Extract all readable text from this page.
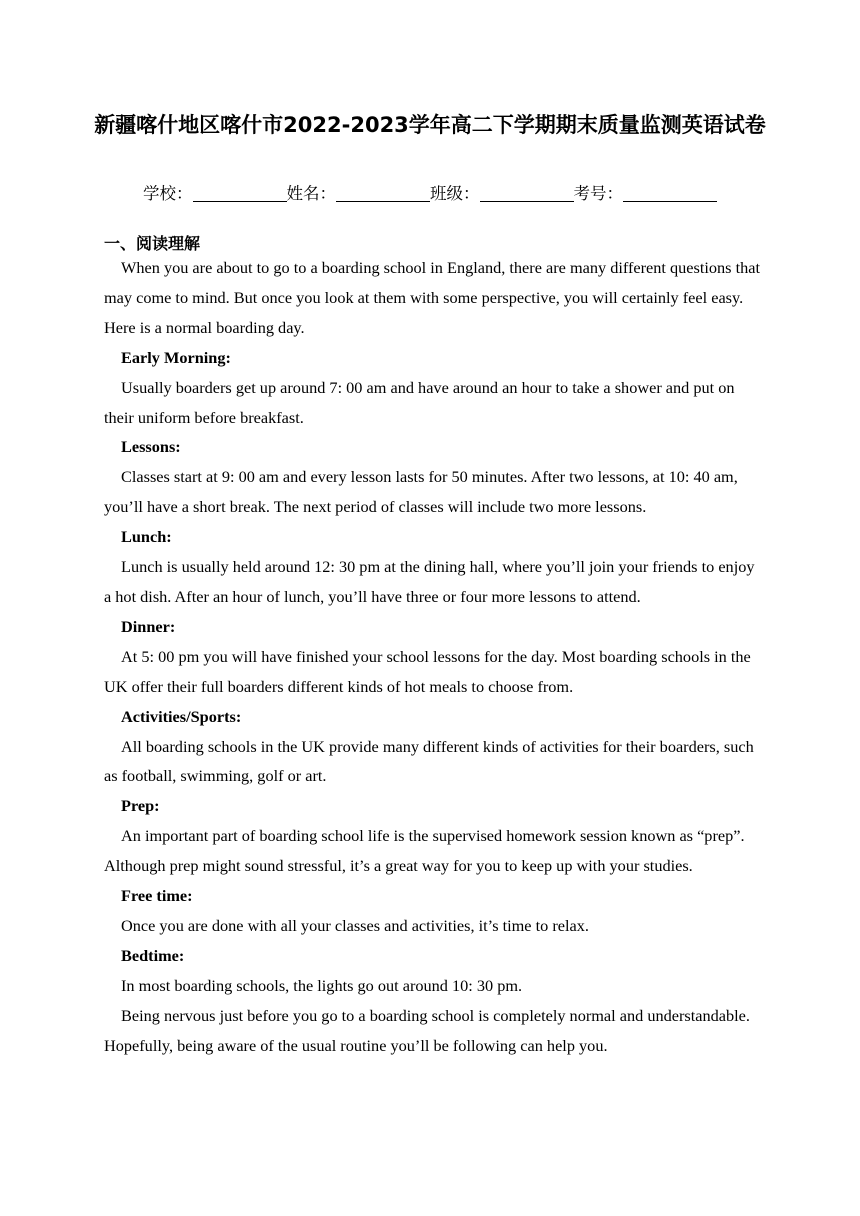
新疆喀什地区喀什市2022-2023学年高二下学期期末质量监测英语试卷
学校：	姓名：	班级：	考号：
一、阅读理解

When you are about to go to a boarding school in England, there are many different questions that may come to mind. But once you look at them with some perspective, you will certainly feel easy. Here is a normal boarding day.

Early Morning:

Usually boarders get up around 7: 00 am and have around an hour to take a shower and put on their uniform before breakfast.

Lessons:

Classes start at 9: 00 am and every lesson lasts for 50 minutes. After two lessons, at 10: 40 am, you’ll have a short break. The next period of classes will include two more lessons.

Lunch:

Lunch is usually held around 12: 30 pm at the dining hall, where you’ll join your friends to enjoy a hot dish. After an hour of lunch, you’ll have three or four more lessons to attend.

Dinner:

At 5: 00 pm you will have finished your school lessons for the day. Most boarding schools in the UK offer their full boarders different kinds of hot meals to choose from.

Activities/Sports:

All boarding schools in the UK provide many different kinds of activities for their boarders, such as football, swimming, golf or art.

Prep:

An important part of boarding school life is the supervised homework session known as “prep”. Although prep might sound stressful, it’s a great way for you to keep up with your studies.

Free time:

Once you are done with all your classes and activities, it’s time to relax.

Bedtime:

In most boarding schools, the lights go out around 10: 30 pm.

Being nervous just before you go to a boarding school is completely normal and understandable. Hopefully, being aware of the usual routine you’ll be following can help you.
